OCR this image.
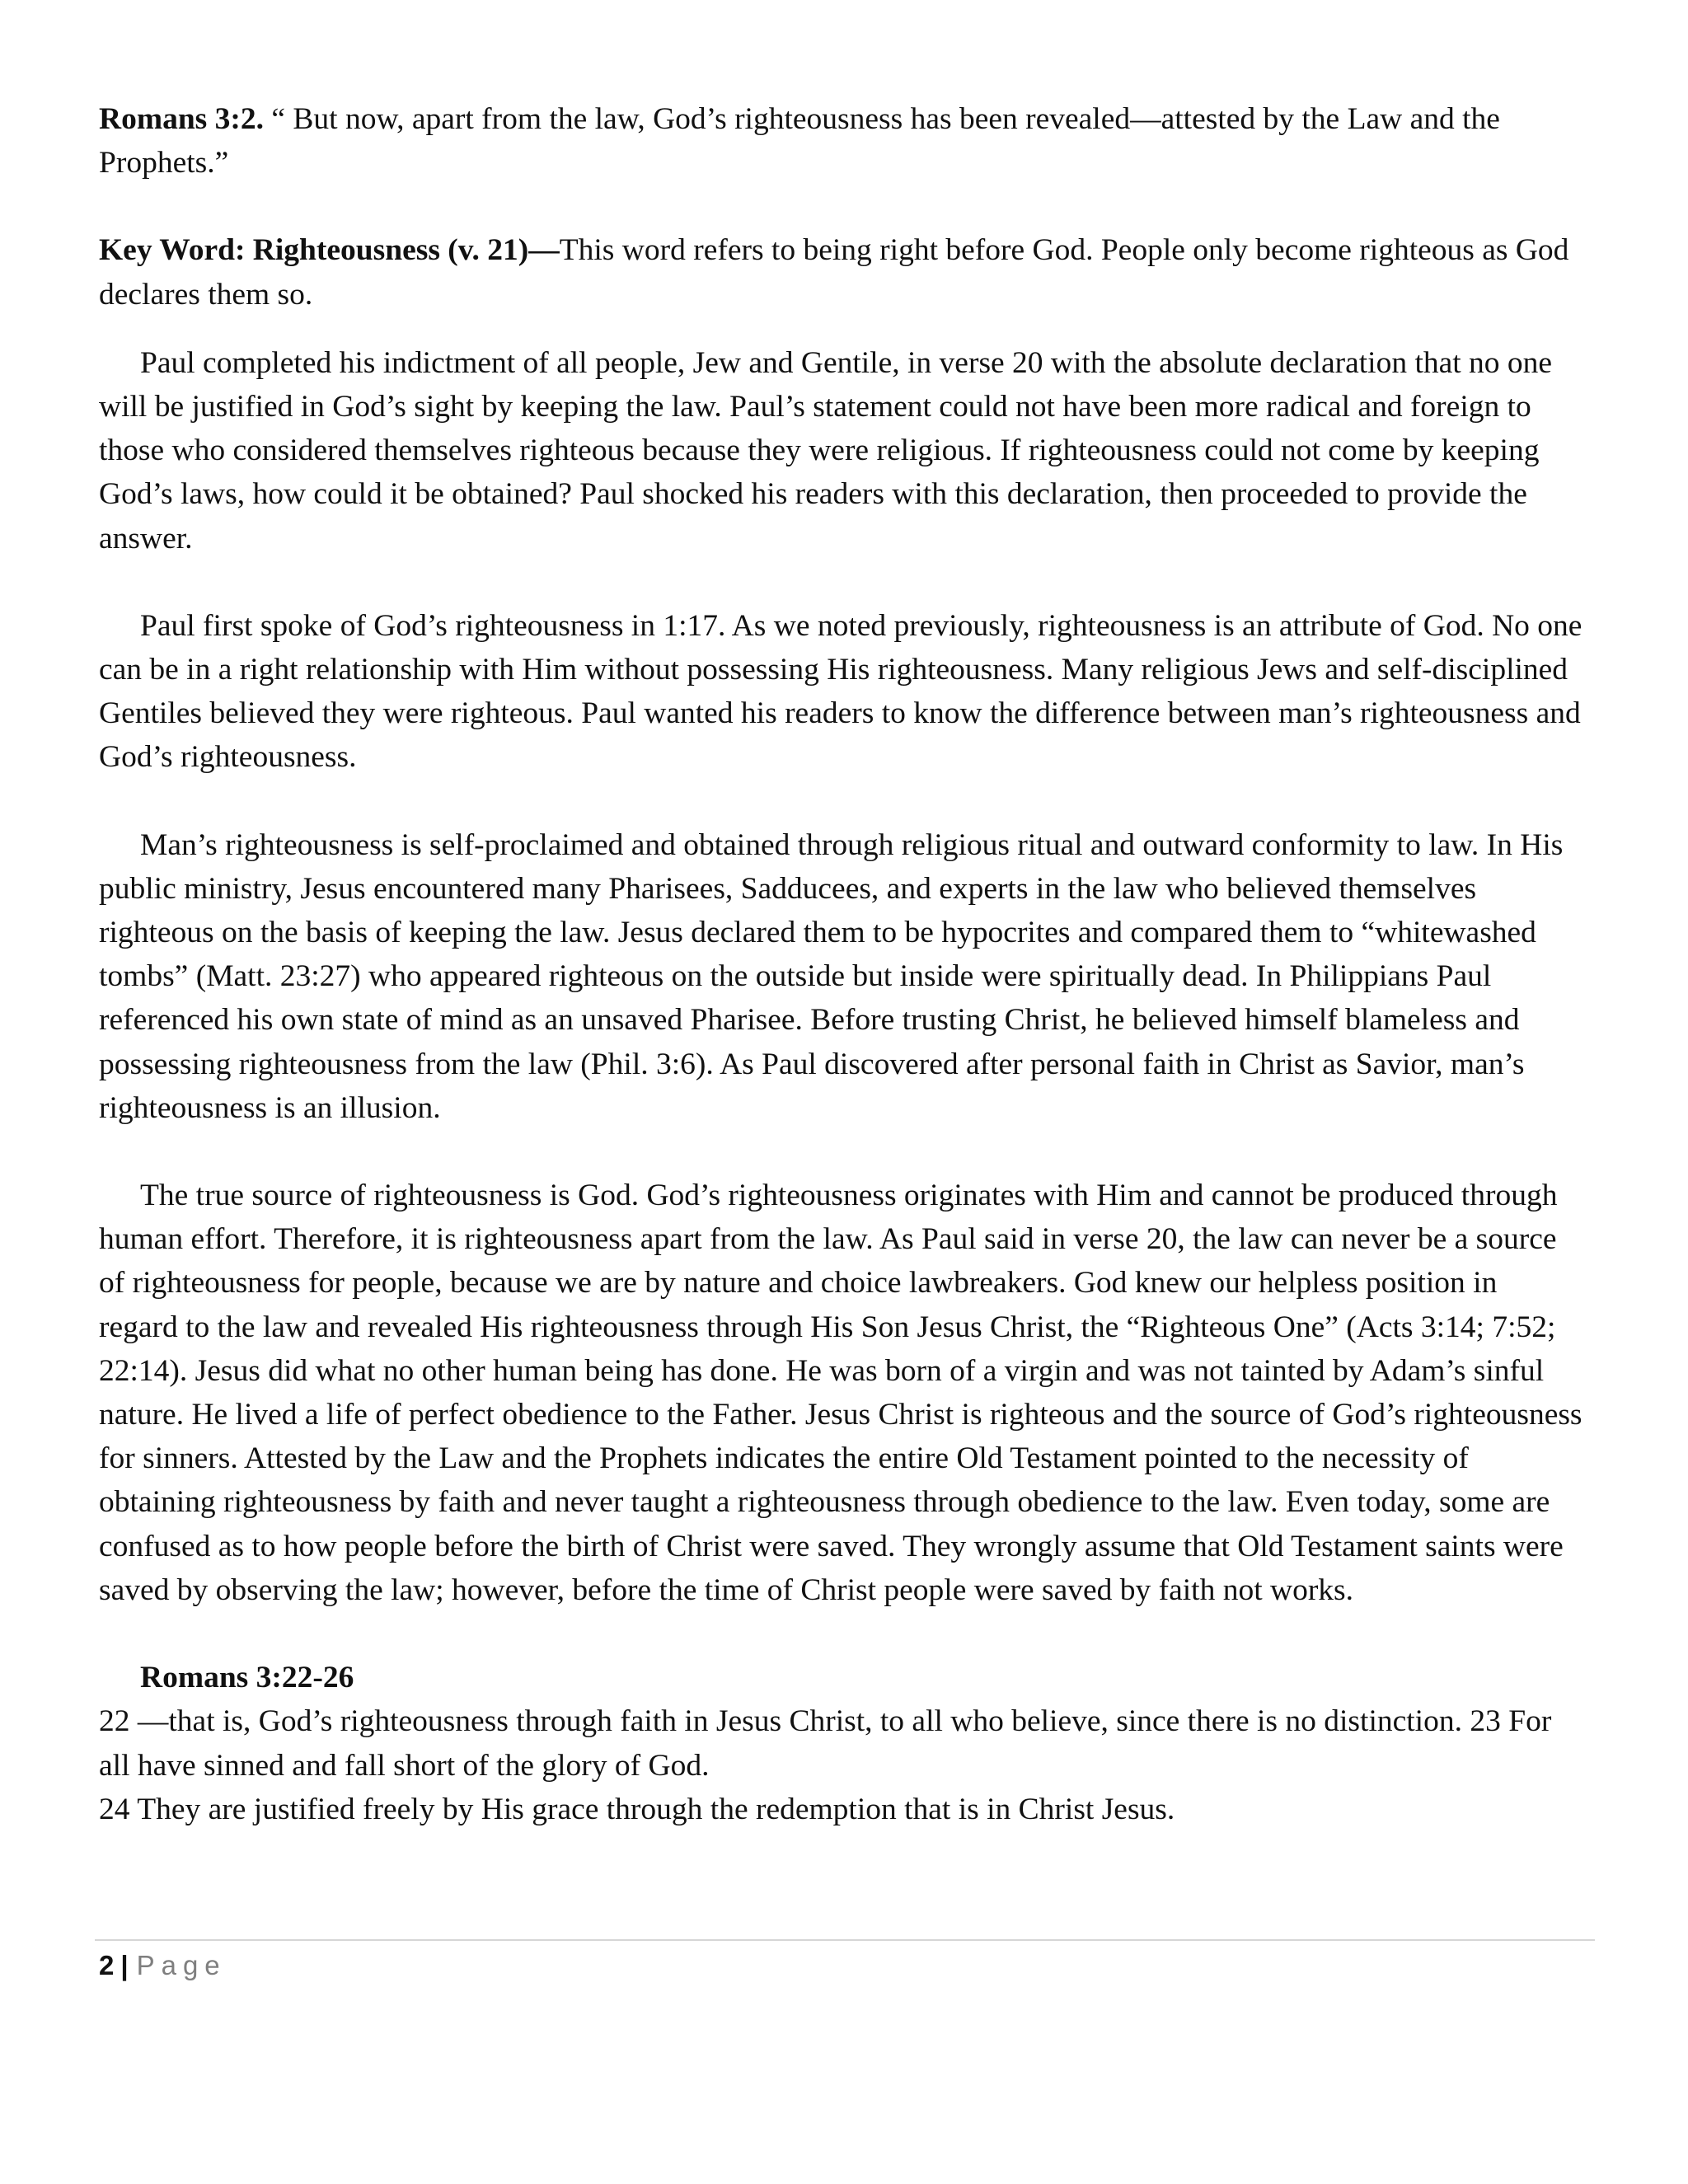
Romans 3:2. “ But now, apart from the law, God’s righteousness has been revealed—attested by the Law and the Prophets.”

Key Word: Righteousness (v. 21)—This word refers to being right before God. People only become righteous as God declares them so.

Paul completed his indictment of all people, Jew and Gentile, in verse 20 with the absolute declaration that no one will be justified in God’s sight by keeping the law. Paul’s statement could not have been more radical and foreign to those who considered themselves righteous because they were religious. If righteousness could not come by keeping God’s laws, how could it be obtained? Paul shocked his readers with this declaration, then proceeded to provide the answer.

Paul first spoke of God’s righteousness in 1:17. As we noted previously, righteousness is an attribute of God. No one can be in a right relationship with Him without possessing His righteousness. Many religious Jews and self-disciplined Gentiles believed they were righteous. Paul wanted his readers to know the difference between man’s righteousness and God’s righteousness.

Man’s righteousness is self-proclaimed and obtained through religious ritual and outward conformity to law. In His public ministry, Jesus encountered many Pharisees, Sadducees, and experts in the law who believed themselves righteous on the basis of keeping the law. Jesus declared them to be hypocrites and compared them to “whitewashed tombs” (Matt. 23:27) who appeared righteous on the outside but inside were spiritually dead. In Philippians Paul referenced his own state of mind as an unsaved Pharisee. Before trusting Christ, he believed himself blameless and possessing righteousness from the law (Phil. 3:6). As Paul discovered after personal faith in Christ as Savior, man’s righteousness is an illusion.

The true source of righteousness is God. God’s righteousness originates with Him and cannot be produced through human effort. Therefore, it is righteousness apart from the law. As Paul said in verse 20, the law can never be a source of righteousness for people, because we are by nature and choice lawbreakers. God knew our helpless position in regard to the law and revealed His righteousness through His Son Jesus Christ, the “Righteous One” (Acts 3:14; 7:52; 22:14). Jesus did what no other human being has done. He was born of a virgin and was not tainted by Adam’s sinful nature. He lived a life of perfect obedience to the Father. Jesus Christ is righteous and the source of God’s righteousness for sinners. Attested by the Law and the Prophets indicates the entire Old Testament pointed to the necessity of obtaining righteousness by faith and never taught a righteousness through obedience to the law. Even today, some are confused as to how people before the birth of Christ were saved. They wrongly assume that Old Testament saints were saved by observing the law; however, before the time of Christ people were saved by faith not works.

Romans 3:22-26

22 —that is, God’s righteousness through faith in Jesus Christ, to all who believe, since there is no distinction. 23 For all have sinned and fall short of the glory of God.

24 They are justified freely by His grace through the redemption that is in Christ Jesus.

2 | Page
